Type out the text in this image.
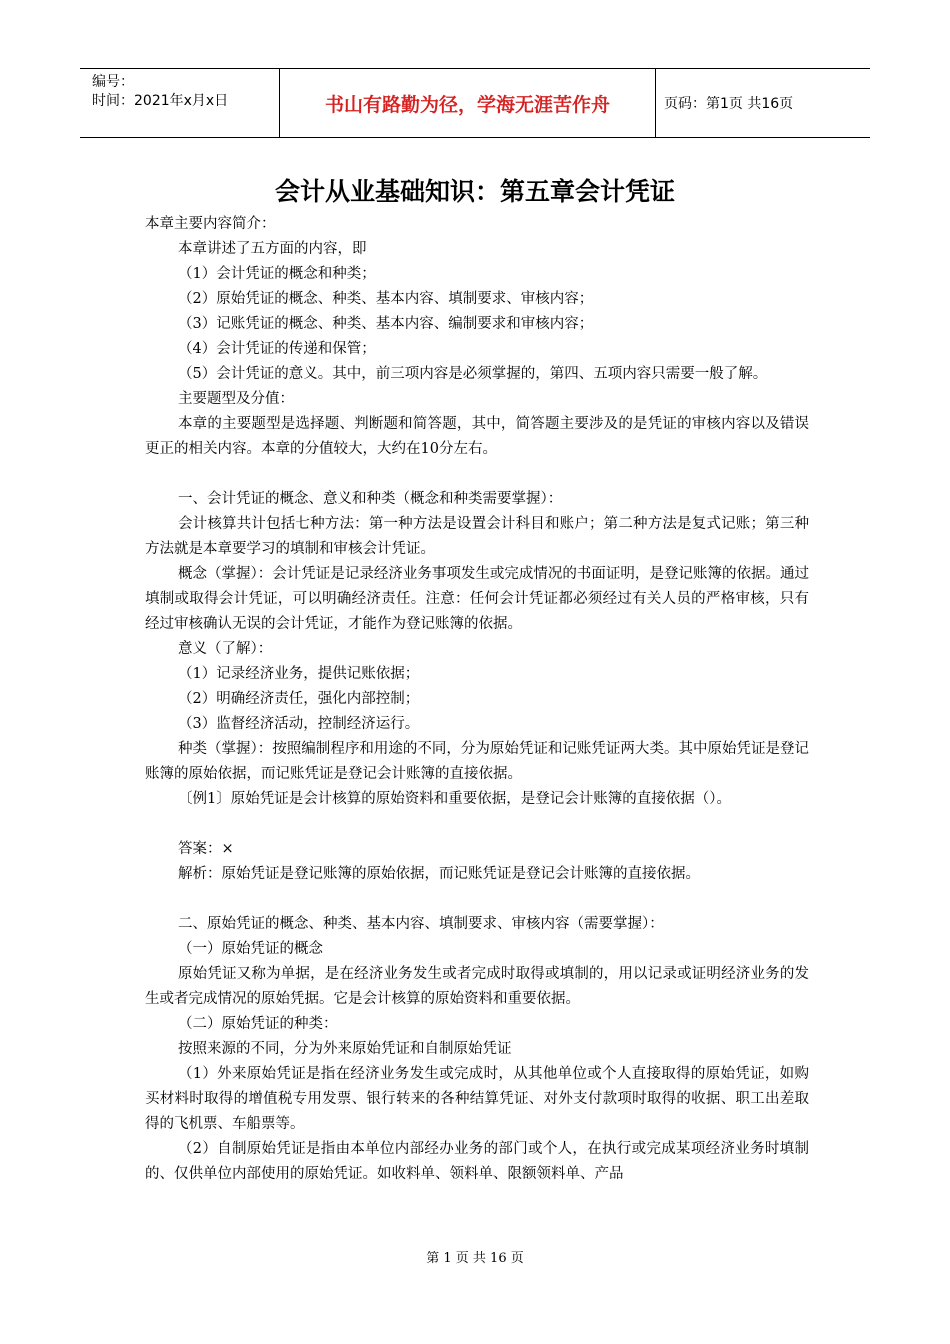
编号：
时间：2021年x月x日	书山有路勤为径，学海无涯苦作舟	页码：第1页 共16页
会计从业基础知识：第五章会计凭证

本章主要内容简介：

本章讲述了五方面的内容，即

（1）会计凭证的概念和种类；

（2）原始凭证的概念、种类、基本内容、填制要求、审核内容；

（3）记账凭证的概念、种类、基本内容、编制要求和审核内容；

（4）会计凭证的传递和保管；

（5）会计凭证的意义。其中，前三项内容是必须掌握的，第四、五项内容只需要一般了解。

主要题型及分值：

本章的主要题型是选择题、判断题和简答题，其中，简答题主要涉及的是凭证的审核内容以及错误更正的相关内容。本章的分值较大，大约在10分左右。

一、会计凭证的概念、意义和种类（概念和种类需要掌握）：

会计核算共计包括七种方法：第一种方法是设置会计科目和账户；第二种方法是复式记账；第三种方法就是本章要学习的填制和审核会计凭证。

概念（掌握）：会计凭证是记录经济业务事项发生或完成情况的书面证明，是登记账簿的依据。通过填制或取得会计凭证，可以明确经济责任。注意：任何会计凭证都必须经过有关人员的严格审核，只有经过审核确认无误的会计凭证，才能作为登记账簿的依据。

意义（了解）：

（1）记录经济业务，提供记账依据；

（2）明确经济责任，强化内部控制；

（3）监督经济活动，控制经济运行。

种类（掌握）：按照编制程序和用途的不同，分为原始凭证和记账凭证两大类。其中原始凭证是登记账簿的原始依据，而记账凭证是登记会计账簿的直接依据。

〔例1〕原始凭证是会计核算的原始资料和重要依据，是登记会计账簿的直接依据（）。

答案：×

解析：原始凭证是登记账簿的原始依据，而记账凭证是登记会计账簿的直接依据。

二、原始凭证的概念、种类、基本内容、填制要求、审核内容（需要掌握）：

（一）原始凭证的概念

原始凭证又称为单据，是在经济业务发生或者完成时取得或填制的，用以记录或证明经济业务的发生或者完成情况的原始凭据。它是会计核算的原始资料和重要依据。

（二）原始凭证的种类：

按照来源的不同，分为外来原始凭证和自制原始凭证

（1）外来原始凭证是指在经济业务发生或完成时，从其他单位或个人直接取得的原始凭证，如购买材料时取得的增值税专用发票、银行转来的各种结算凭证、对外支付款项时取得的收据、职工出差取得的飞机票、车船票等。

（2）自制原始凭证是指由本单位内部经办业务的部门或个人，在执行或完成某项经济业务时填制的、仅供单位内部使用的原始凭证。如收料单、领料单、限额领料单、产品

第 1 页 共 16 页
